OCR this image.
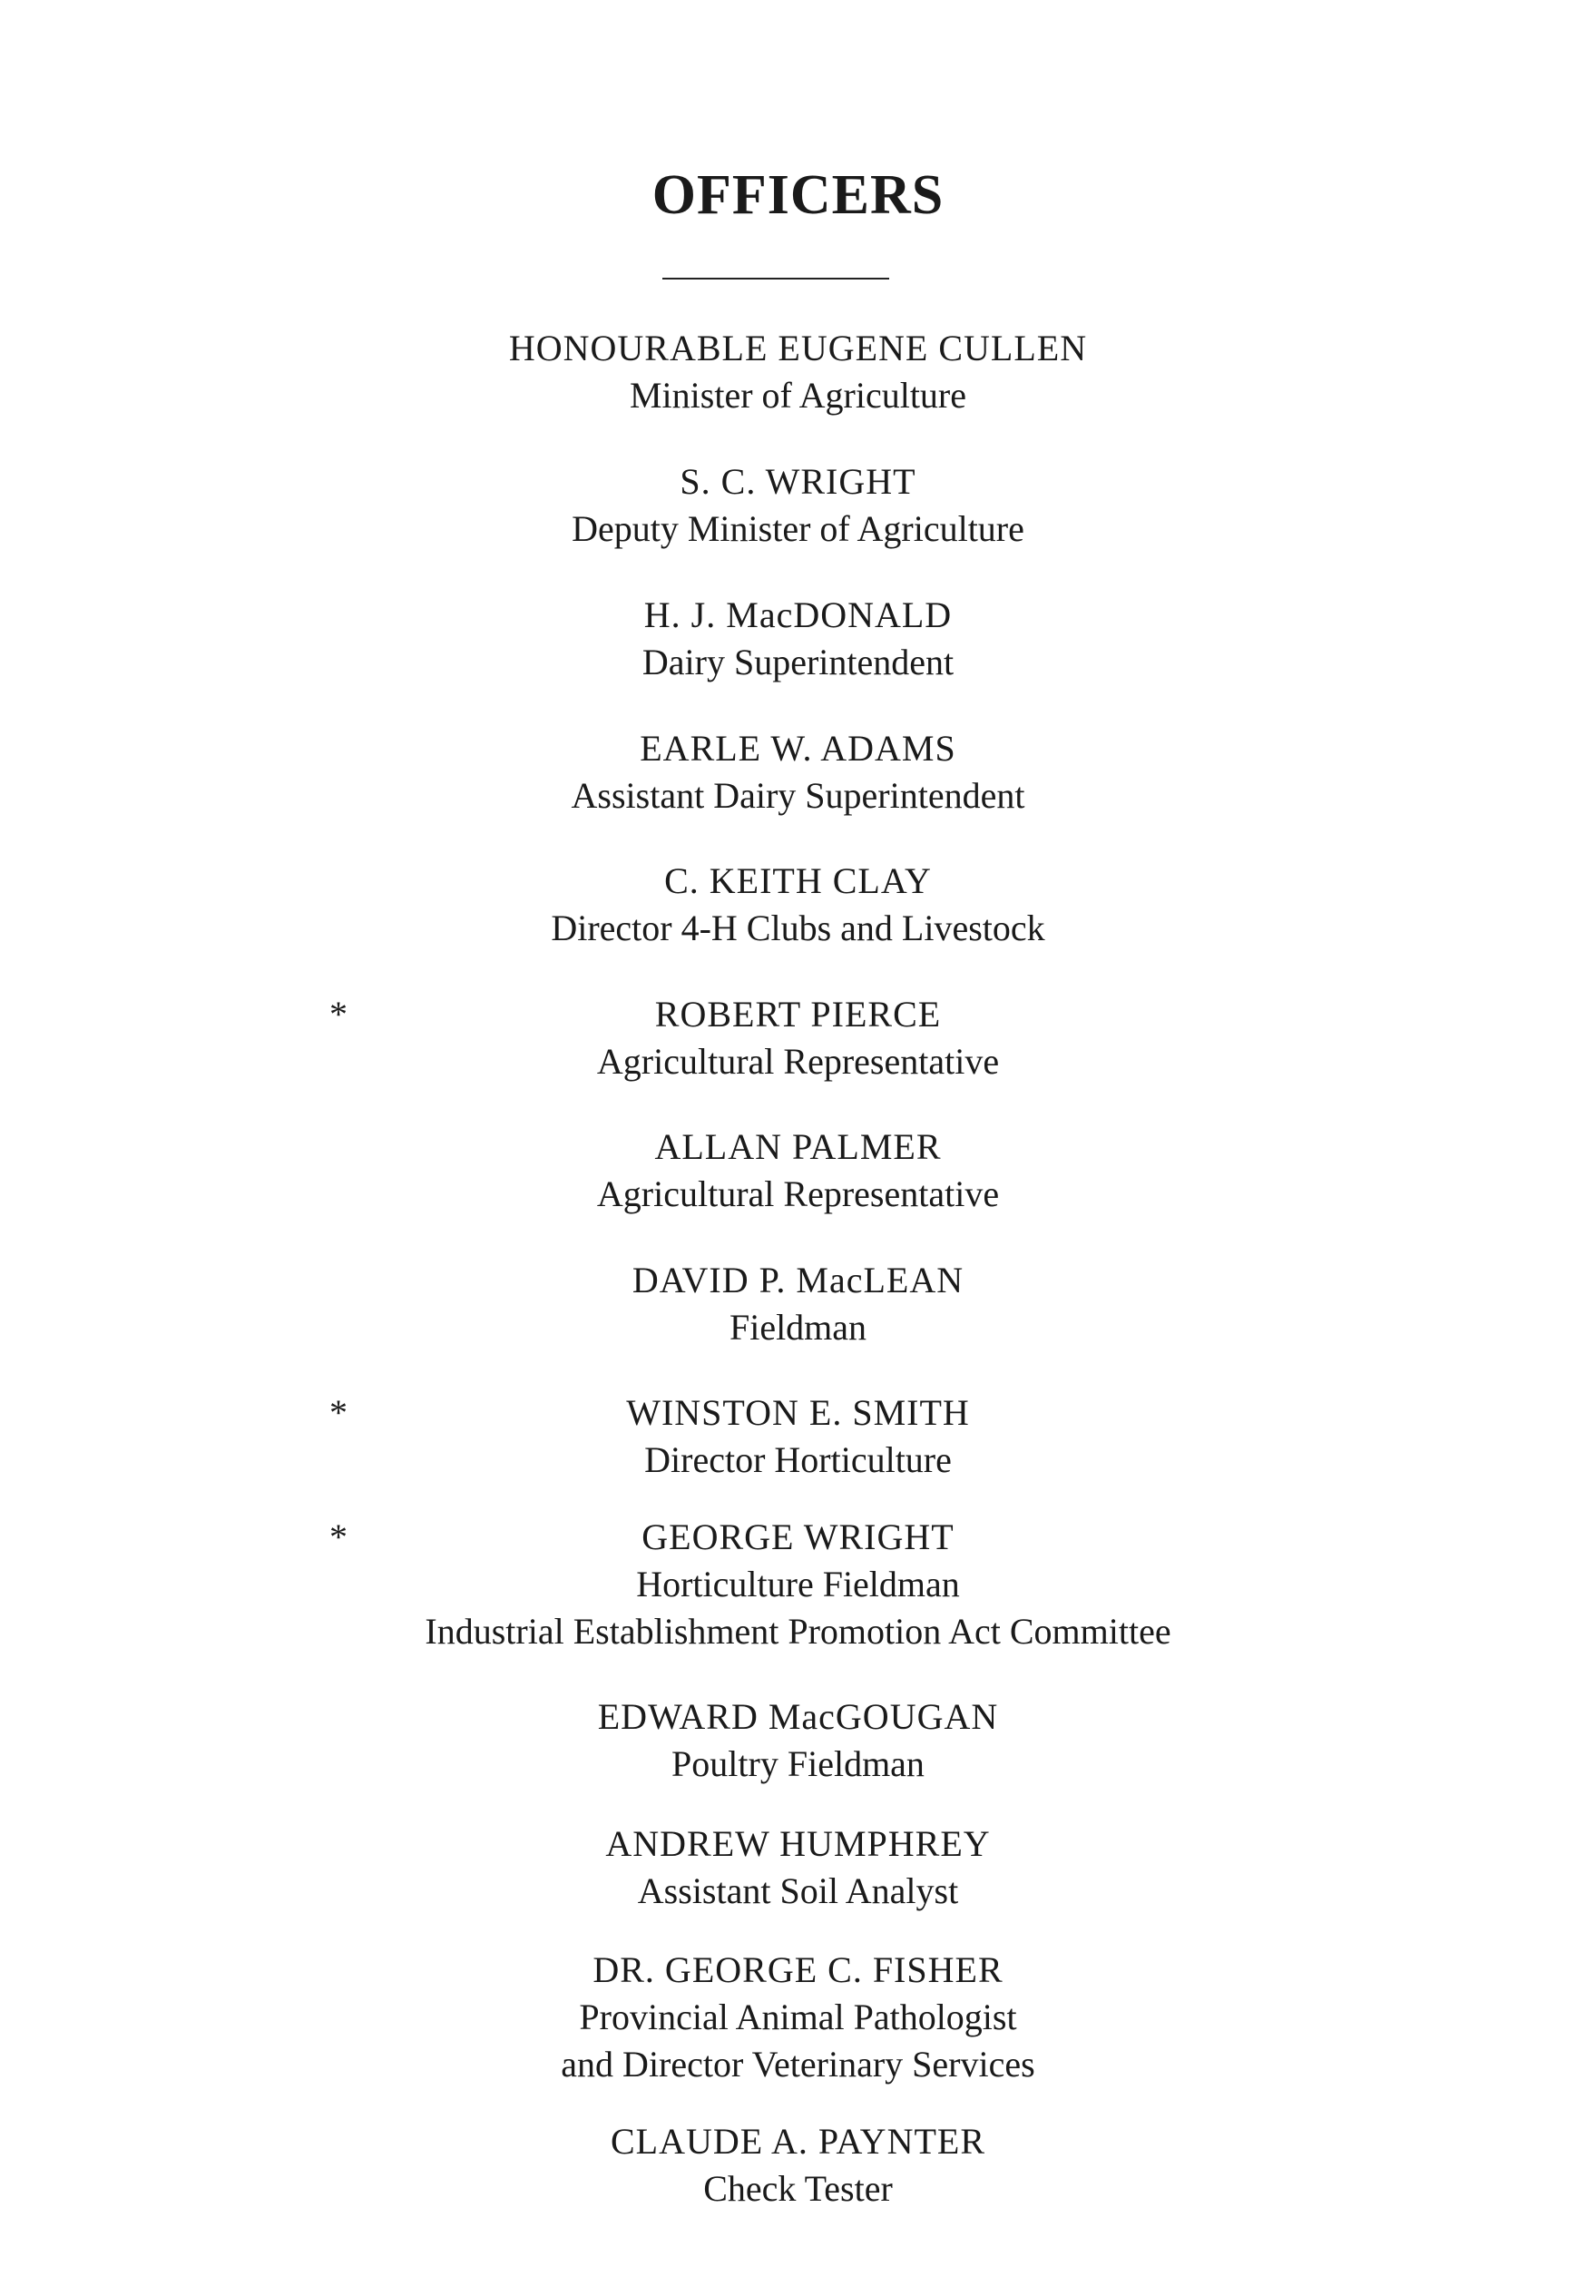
OFFICERS
HONOURABLE EUGENE CULLEN
Minister of Agriculture
S. C. WRIGHT
Deputy Minister of Agriculture
H. J. MacDONALD
Dairy Superintendent
EARLE W. ADAMS
Assistant Dairy Superintendent
C. KEITH CLAY
Director 4-H Clubs and Livestock
*	ROBERT PIERCE
Agricultural Representative
ALLAN PALMER
Agricultural Representative
DAVID P. MacLEAN
Fieldman
*	WINSTON E. SMITH
Director Horticulture
*	GEORGE WRIGHT
Horticulture Fieldman
Industrial Establishment Promotion Act Committee
EDWARD MacGOUGAN
Poultry Fieldman
ANDREW HUMPHREY
Assistant Soil Analyst
DR. GEORGE C. FISHER
Provincial Animal Pathologist
and Director Veterinary Services
CLAUDE A. PAYNTER
Check Tester
